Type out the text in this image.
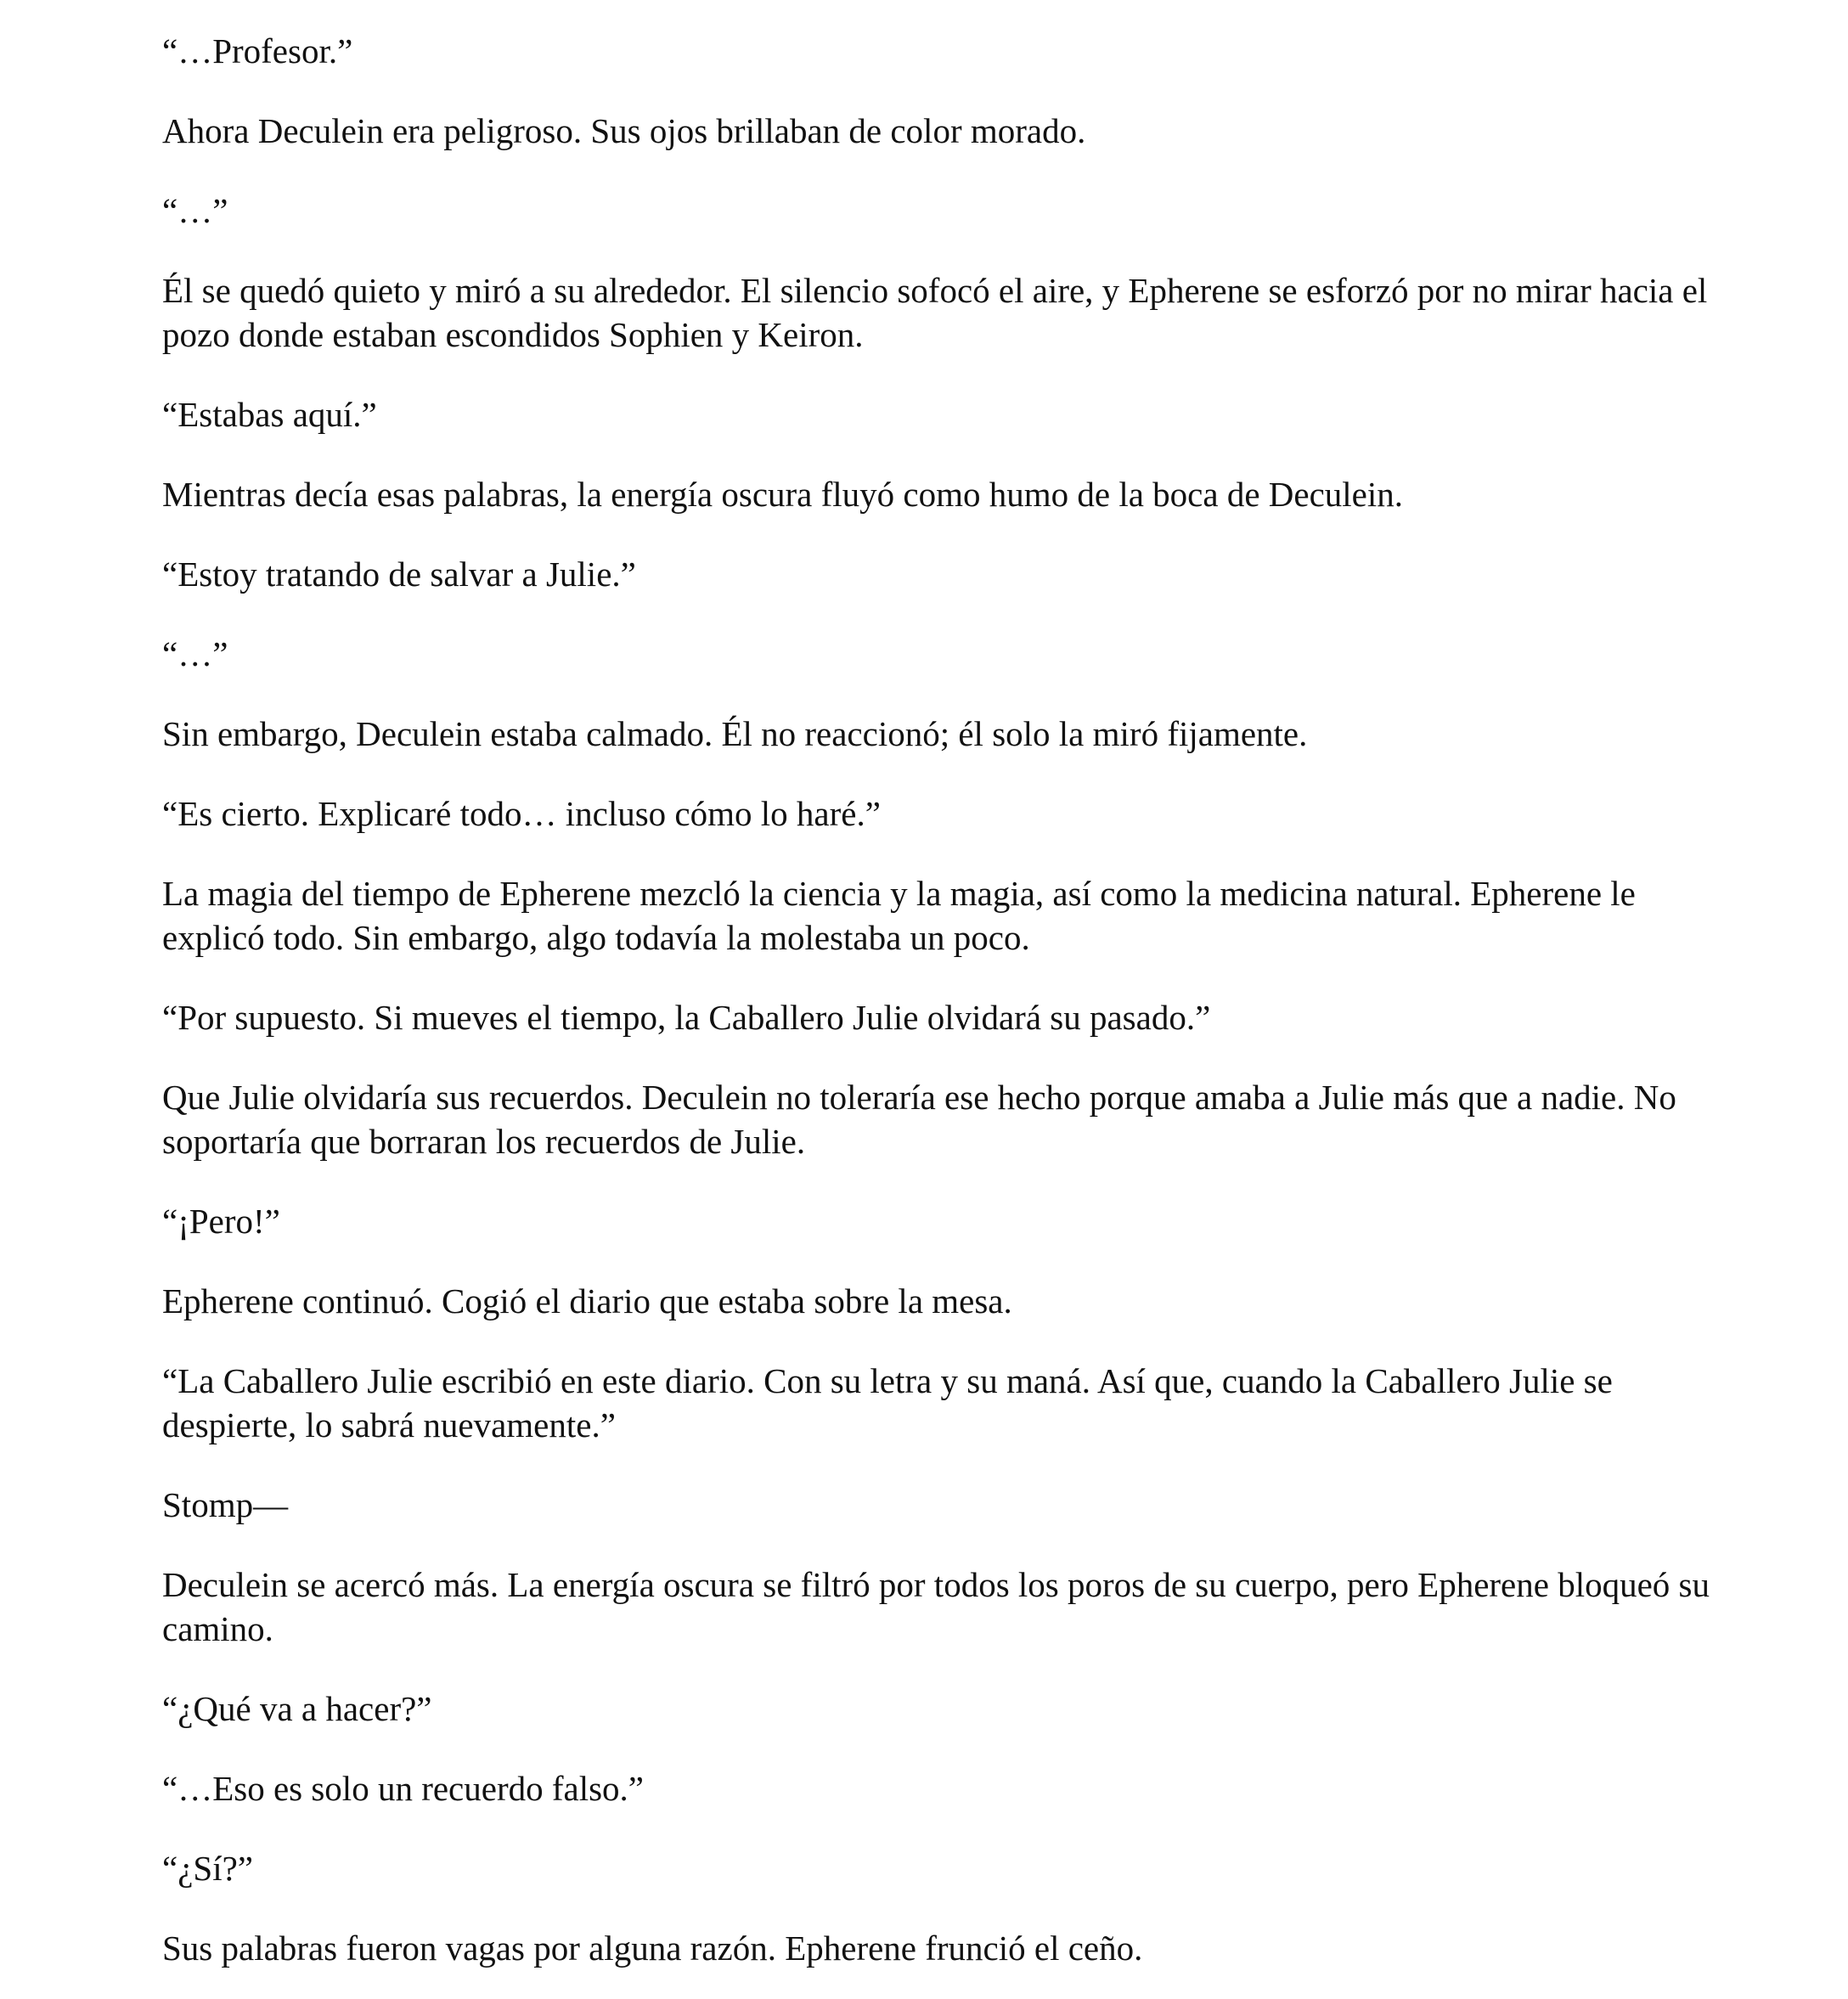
“…Profesor.”

Ahora Deculein era peligroso. Sus ojos brillaban de color morado.

“…”

Él se quedó quieto y miró a su alrededor. El silencio sofocó el aire, y Epherene se esforzó por no mirar hacia el pozo donde estaban escondidos Sophien y Keiron.

“Estabas aquí.”

Mientras decía esas palabras, la energía oscura fluyó como humo de la boca de Deculein.

“Estoy tratando de salvar a Julie.”

“…”

Sin embargo, Deculein estaba calmado. Él no reaccionó; él solo la miró fijamente.

“Es cierto. Explicaré todo… incluso cómo lo haré.”

La magia del tiempo de Epherene mezcló la ciencia y la magia, así como la medicina natural. Epherene le explicó todo. Sin embargo, algo todavía la molestaba un poco.

“Por supuesto. Si mueves el tiempo, la Caballero Julie olvidará su pasado.”

Que Julie olvidaría sus recuerdos. Deculein no toleraría ese hecho porque amaba a Julie más que a nadie. No soportaría que borraran los recuerdos de Julie.

“¡Pero!”

Epherene continuó. Cogió el diario que estaba sobre la mesa.

“La Caballero Julie escribió en este diario. Con su letra y su maná. Así que, cuando la Caballero Julie se despierte, lo sabrá nuevamente.”

Stomp—

Deculein se acercó más. La energía oscura se filtró por todos los poros de su cuerpo, pero Epherene bloqueó su camino.

“¿Qué va a hacer?”

“…Eso es solo un recuerdo falso.”

“¿Sí?”

Sus palabras fueron vagas por alguna razón. Epherene frunció el ceño.
